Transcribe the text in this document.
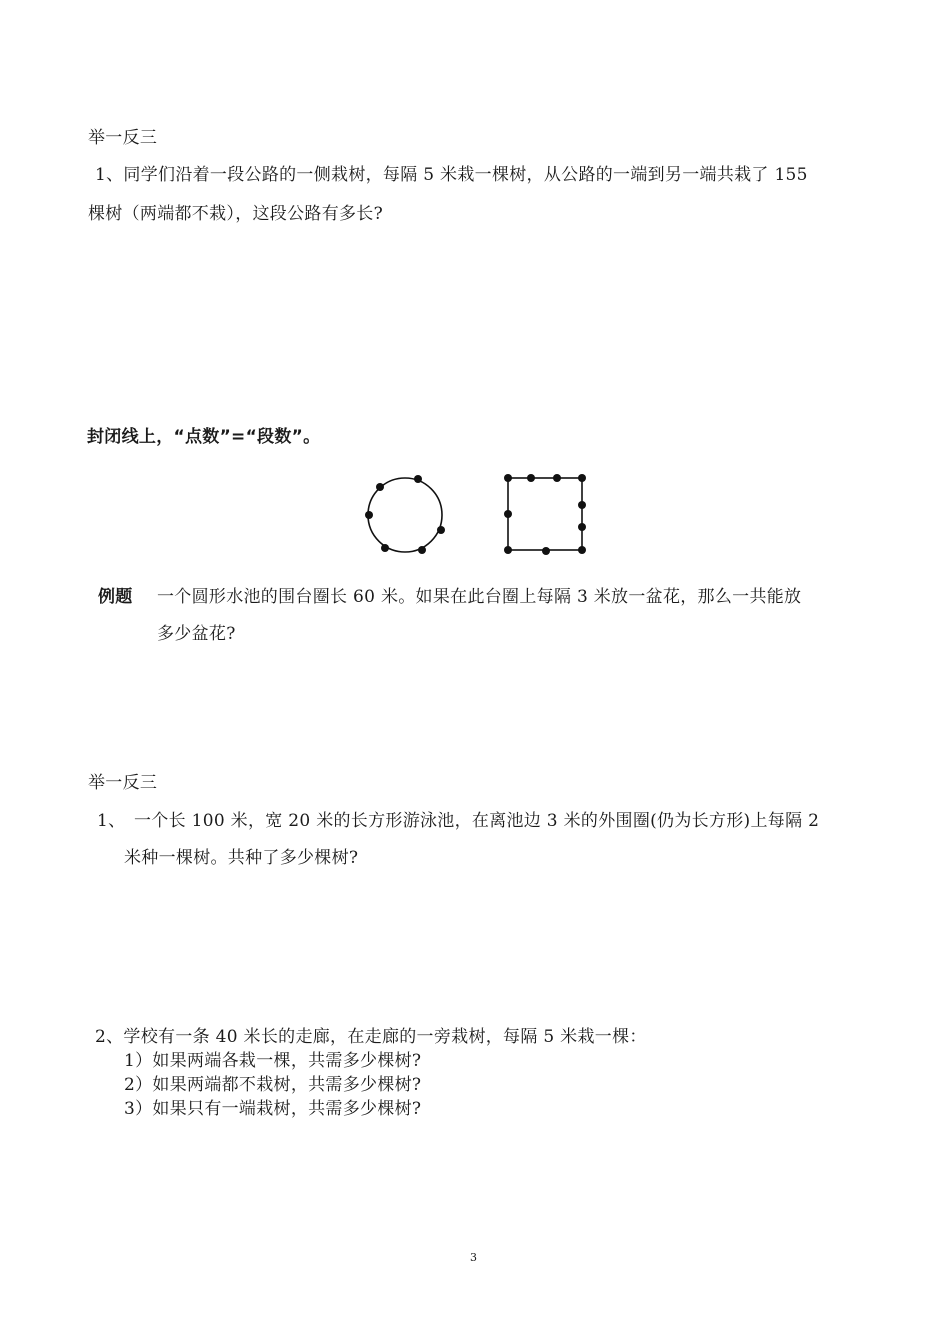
举一反三
1、同学们沿着一段公路的一侧栽树，每隔 5 米栽一棵树，从公路的一端到另一端共栽了 155
棵树（两端都不栽），这段公路有多长?
封闭线上，“点数”=“段数”。
例题 一个圆形水池的围台圈长 60 米。如果在此台圈上每隔 3 米放一盆花，那么一共能放
多少盆花?
举一反三
1、 一个长 100 米，宽 20 米的长方形游泳池，在离池边 3 米的外围圈(仍为长方形)上每隔 2
米种一棵树。共种了多少棵树?
2、学校有一条 40 米长的走廊，在走廊的一旁栽树，每隔 5 米栽一棵：
1）如果两端各栽一棵，共需多少棵树?
2）如果两端都不栽树，共需多少棵树?
3）如果只有一端栽树，共需多少棵树?
3
